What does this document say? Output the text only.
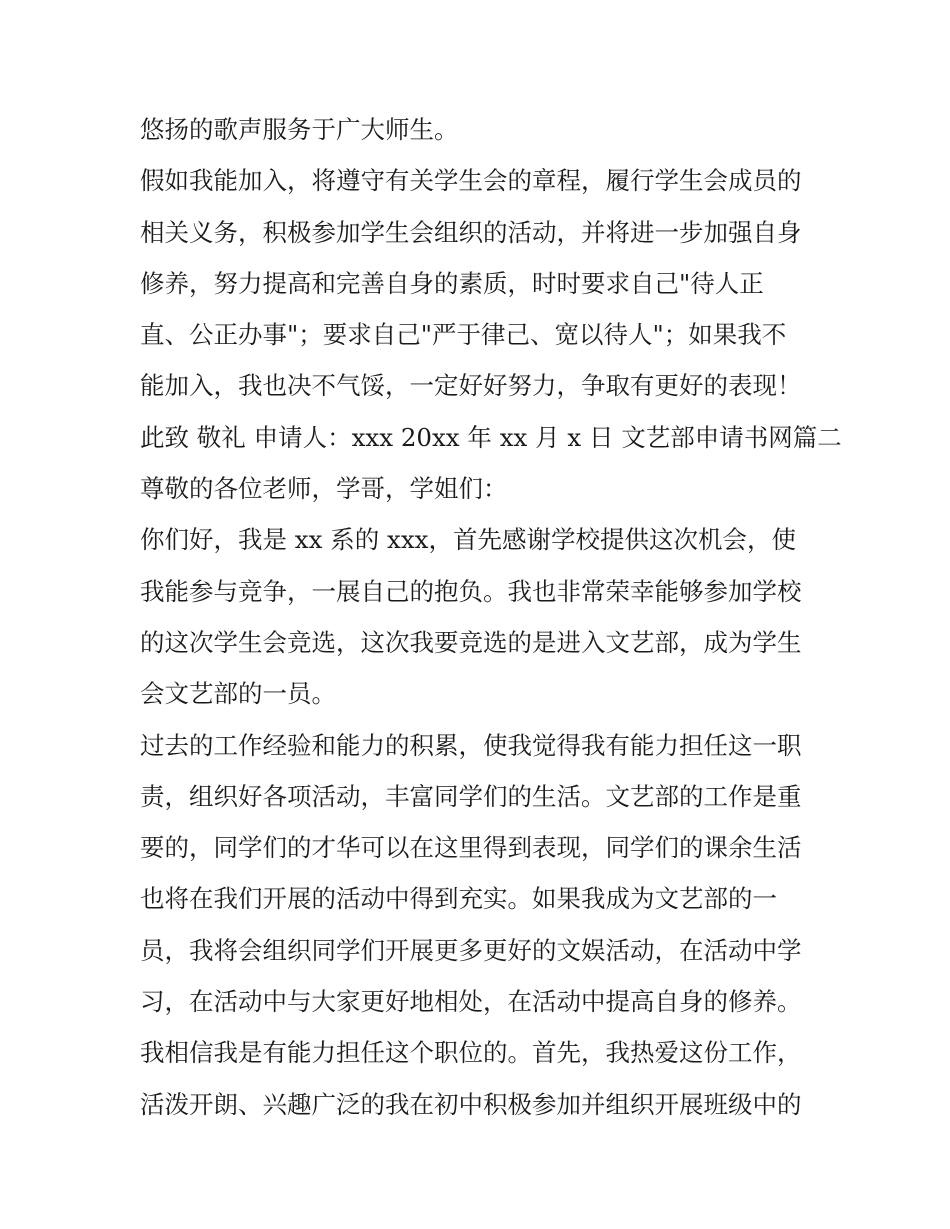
悠扬的歌声服务于广大师生。
假如我能加入，将遵守有关学生会的章程，履行学生会成员的
相关义务，积极参加学生会组织的活动，并将进一步加强自身
修养，努力提高和完善自身的素质，时时要求自己"待人正
直、公正办事"；要求自己"严于律己、宽以待人"；如果我不
能加入，我也决不气馁，一定好好努力，争取有更好的表现！
此致 敬礼 申请人：xxx 20xx 年 xx 月 x 日 文艺部申请书网篇二
尊敬的各位老师，学哥，学姐们：
你们好，我是 xx 系的 xxx，首先感谢学校提供这次机会，使
我能参与竞争，一展自己的抱负。我也非常荣幸能够参加学校
的这次学生会竞选，这次我要竞选的是进入文艺部，成为学生
会文艺部的一员。
过去的工作经验和能力的积累，使我觉得我有能力担任这一职
责，组织好各项活动，丰富同学们的生活。文艺部的工作是重
要的，同学们的才华可以在这里得到表现，同学们的课余生活
也将在我们开展的活动中得到充实。如果我成为文艺部的一
员，我将会组织同学们开展更多更好的文娱活动，在活动中学
习，在活动中与大家更好地相处，在活动中提高自身的修养。
我相信我是有能力担任这个职位的。首先，我热爱这份工作，
活泼开朗、兴趣广泛的我在初中积极参加并组织开展班级中的
